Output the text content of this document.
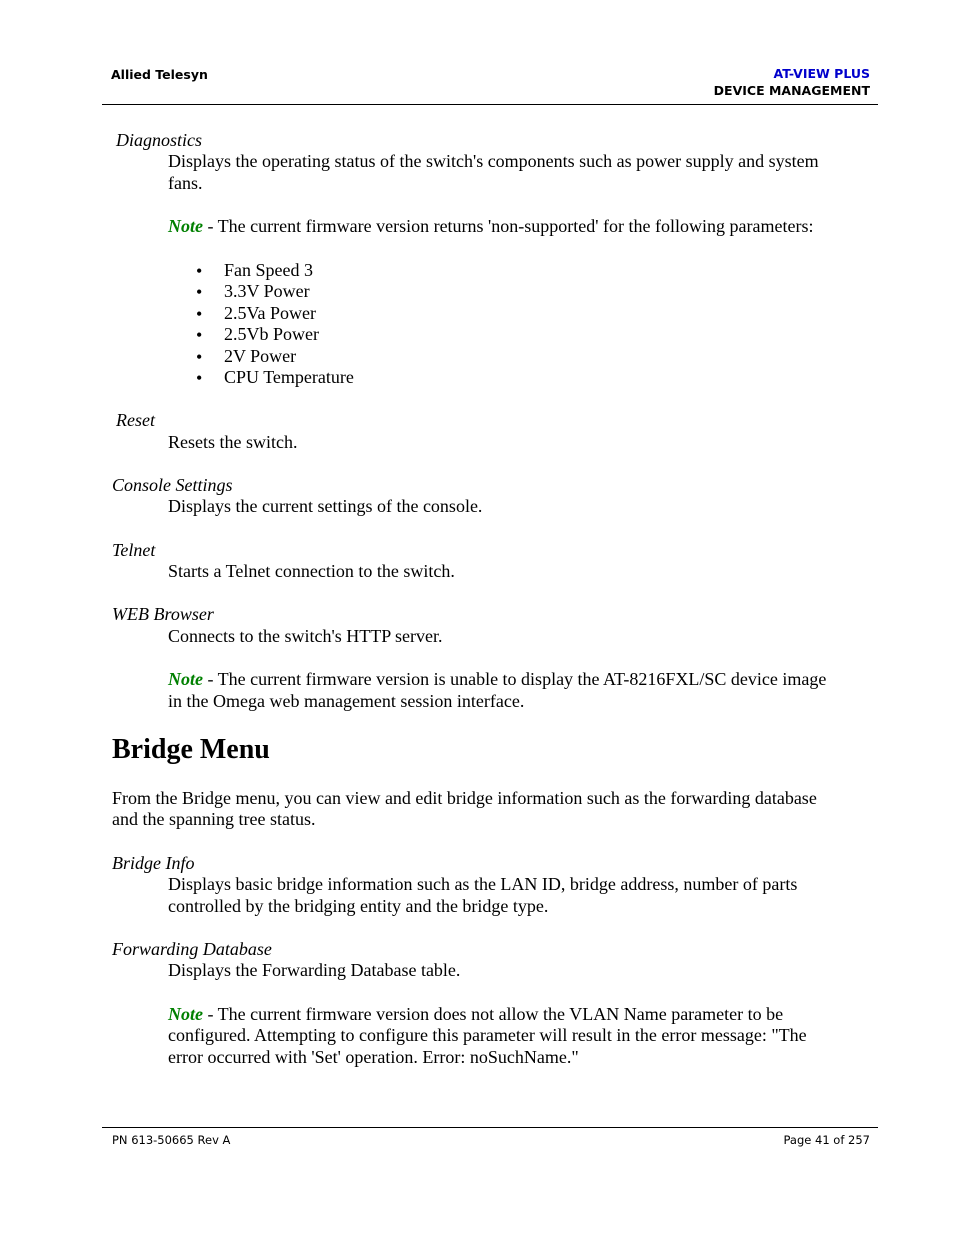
Allied Telesyn	AT-VIEW PLUS
DEVICE MANAGEMENT
Diagnostics
Displays the operating status of the switch's components such as power supply and system
fans.
Note - The current firmware version returns 'non-supported' for the following parameters:
•	Fan Speed 3
•	3.3V Power
•	2.5Va Power
•	2.5Vb Power
•	2V Power
•	CPU Temperature
Reset
Resets the switch.
Console Settings
Displays the current settings of the console.
Telnet
Starts a Telnet connection to the switch.
WEB Browser
Connects to the switch's HTTP server.
Note - The current firmware version is unable to display the AT-8216FXL/SC device image
in the Omega web management session interface.
Bridge Menu
From the Bridge menu, you can view and edit bridge information such as the forwarding database
and the spanning tree status.
Bridge Info
Displays basic bridge information such as the LAN ID, bridge address, number of parts
controlled by the bridging entity and the bridge type.
Forwarding Database
Displays the Forwarding Database table.
Note - The current firmware version does not allow the VLAN Name parameter to be
configured. Attempting to configure this parameter will result in the error message: "The
error occurred with 'Set' operation. Error: noSuchName."
PN 613-50665 Rev A	Page 41 of 257
